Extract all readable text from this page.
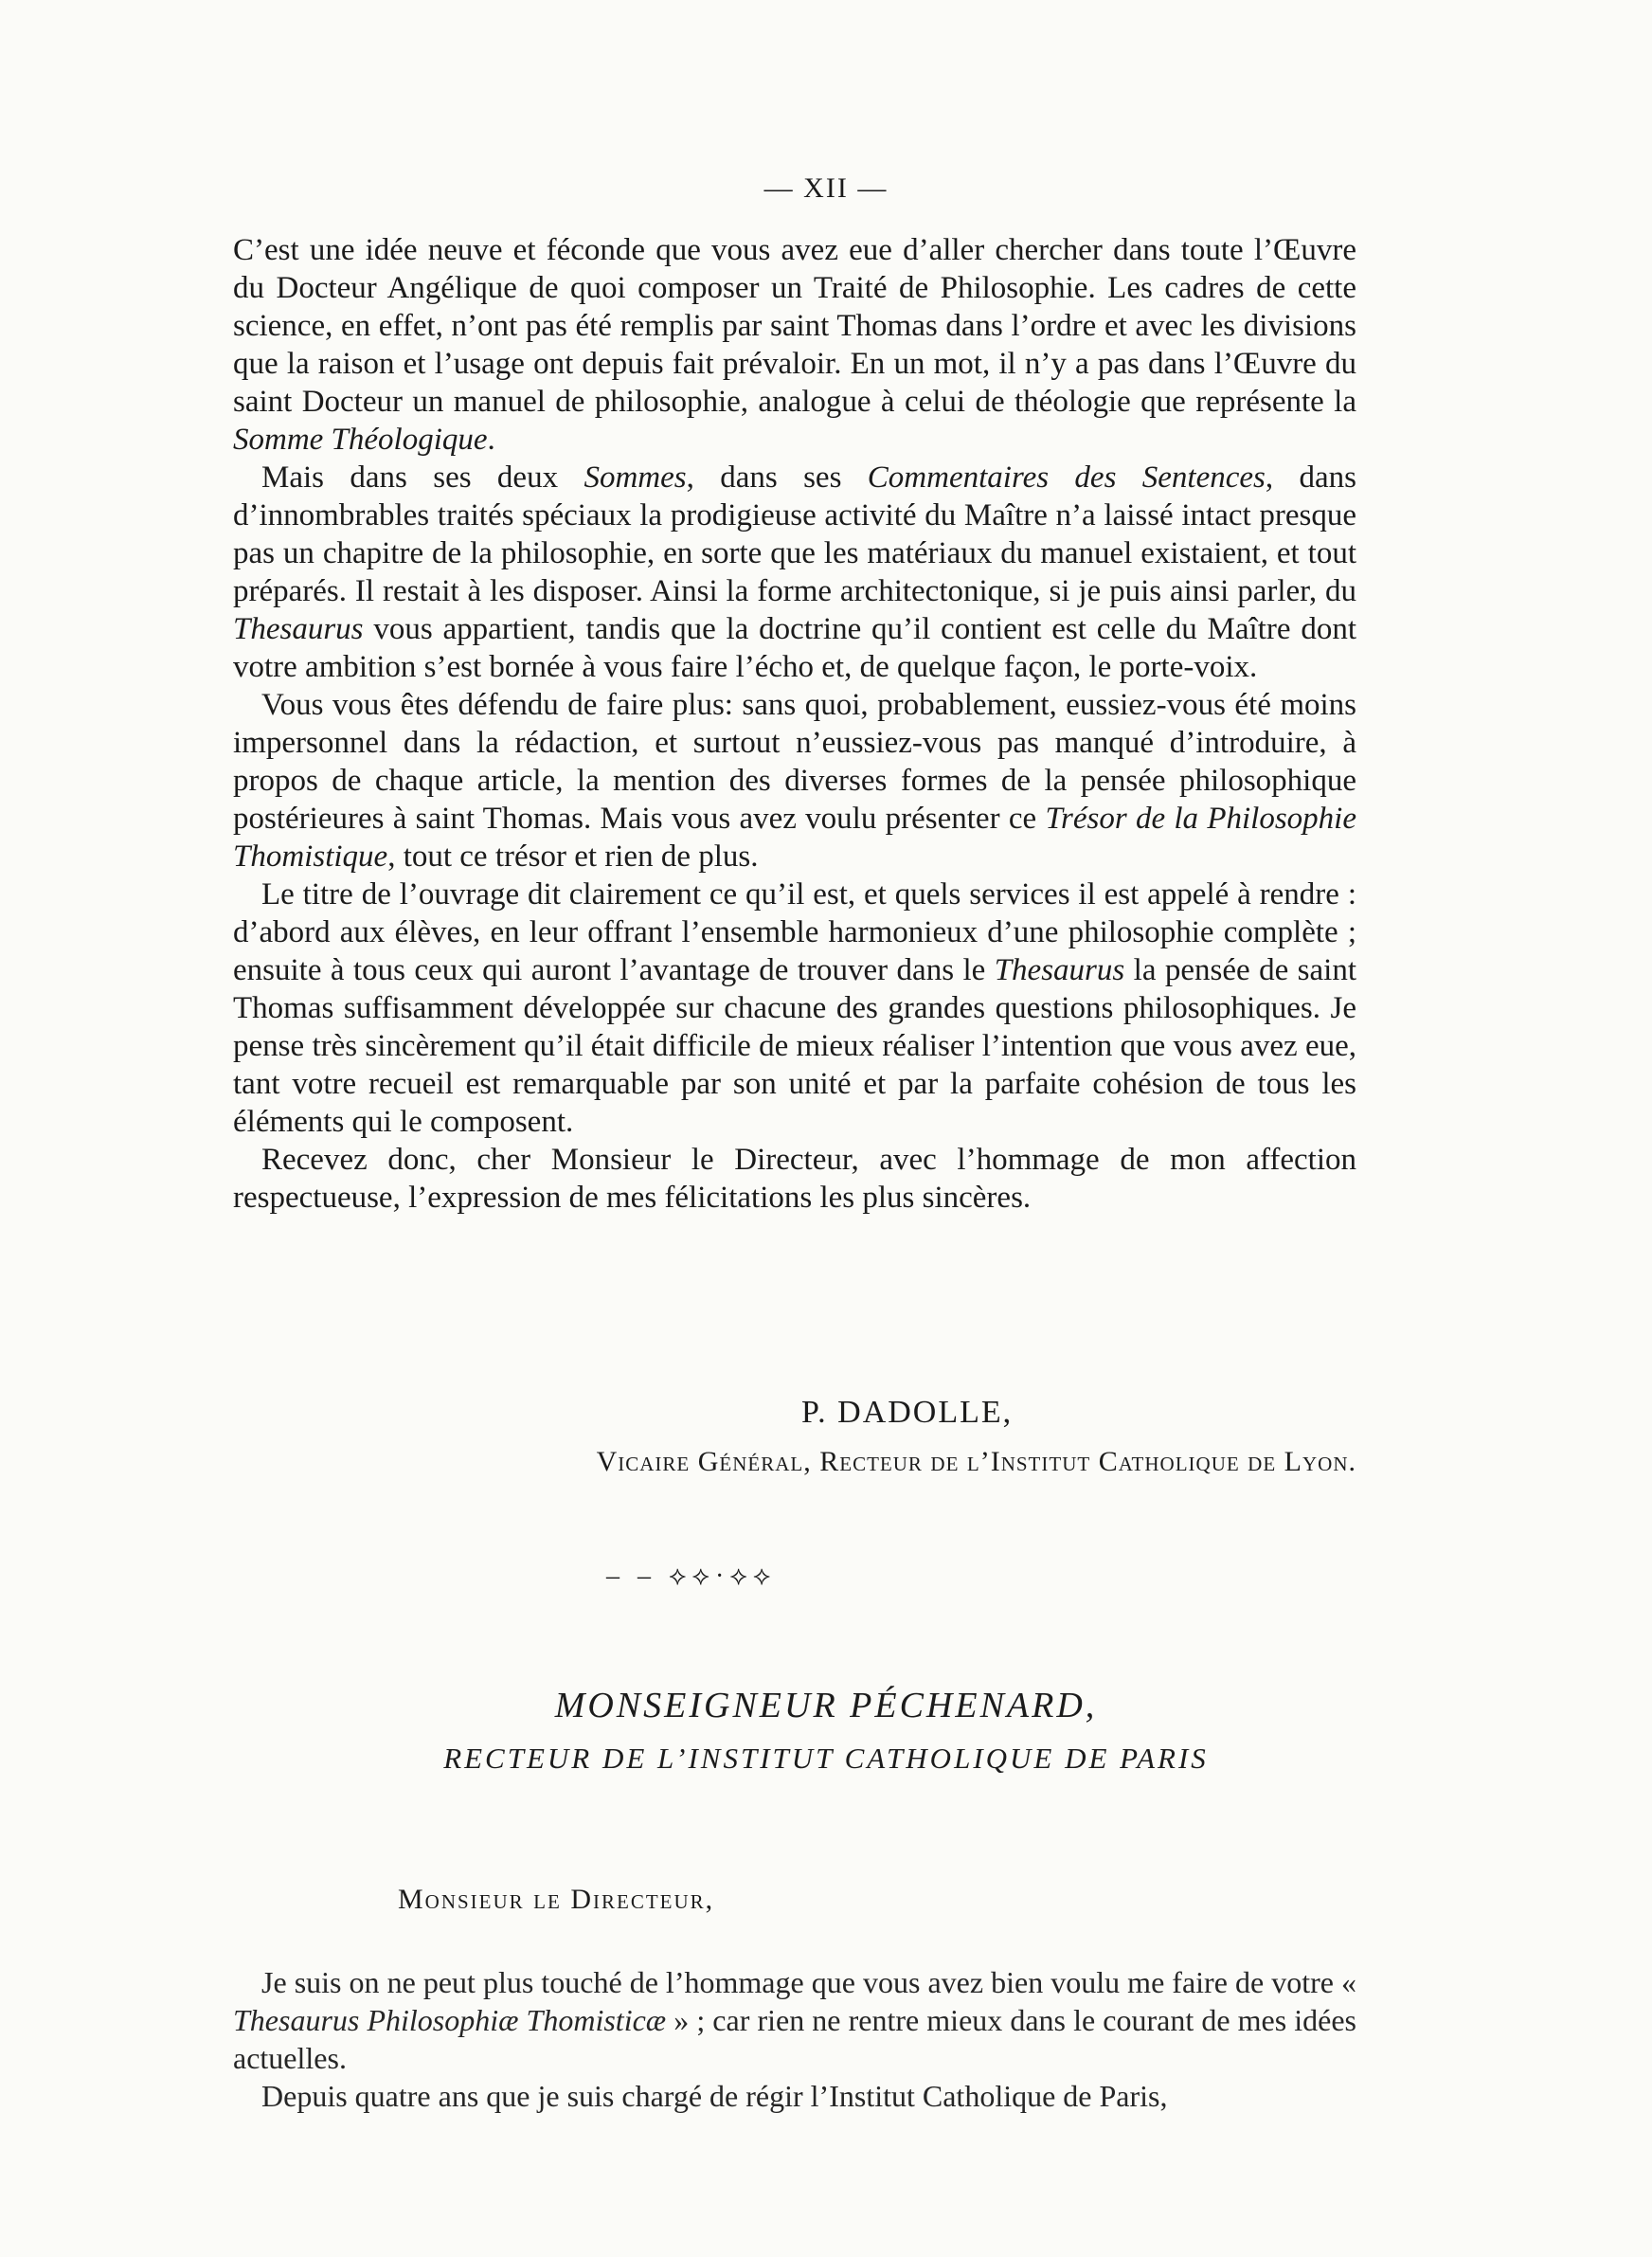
— XII —

C’est une idée neuve et féconde que vous avez eue d’aller chercher dans toute l’Œuvre du Docteur Angélique de quoi composer un Traité de Philosophie. Les cadres de cette science, en effet, n’ont pas été remplis par saint Thomas dans l’ordre et avec les divisions que la raison et l’usage ont depuis fait prévaloir. En un mot, il n’y a pas dans l’Œuvre du saint Docteur un manuel de philosophie, analogue à celui de théologie que représente la Somme Théologique.

Mais dans ses deux Sommes, dans ses Commentaires des Sentences, dans d’innombrables traités spéciaux la prodigieuse activité du Maître n’a laissé intact presque pas un chapitre de la philosophie, en sorte que les matériaux du manuel existaient, et tout préparés. Il restait à les disposer. Ainsi la forme architectonique, si je puis ainsi parler, du Thesaurus vous appartient, tandis que la doctrine qu’il contient est celle du Maître dont votre ambition s’est bornée à vous faire l’écho et, de quelque façon, le porte-voix.

Vous vous êtes défendu de faire plus: sans quoi, probablement, eussiez-vous été moins impersonnel dans la rédaction, et surtout n’eussiez-vous pas manqué d’introduire, à propos de chaque article, la mention des diverses formes de la pensée philosophique postérieures à saint Thomas. Mais vous avez voulu présenter ce Trésor de la Philosophie Thomistique, tout ce trésor et rien de plus.

Le titre de l’ouvrage dit clairement ce qu’il est, et quels services il est appelé à rendre : d’abord aux élèves, en leur offrant l’ensemble harmonieux d’une philosophie complète ; ensuite à tous ceux qui auront l’avantage de trouver dans le Thesaurus la pensée de saint Thomas suffisamment développée sur chacune des grandes questions philosophiques. Je pense très sincèrement qu’il était difficile de mieux réaliser l’intention que vous avez eue, tant votre recueil est remarquable par son unité et par la parfaite cohésion de tous les éléments qui le composent.

Recevez donc, cher Monsieur le Directeur, avec l’hommage de mon affection respectueuse, l’expression de mes félicitations les plus sincères.

P. DADOLLE,
Vicaire Général, Recteur de l’Institut Catholique de Lyon.
– – ⟡⟡·⟡⟡
MONSEIGNEUR PÉCHENARD,
RECTEUR DE L’INSTITUT CATHOLIQUE DE PARIS
Monsieur le Directeur,

Je suis on ne peut plus touché de l’hommage que vous avez bien voulu me faire de votre « Thesaurus Philosophiæ Thomisticæ » ; car rien ne rentre mieux dans le courant de mes idées actuelles.

Depuis quatre ans que je suis chargé de régir l’Institut Catholique de Paris,
